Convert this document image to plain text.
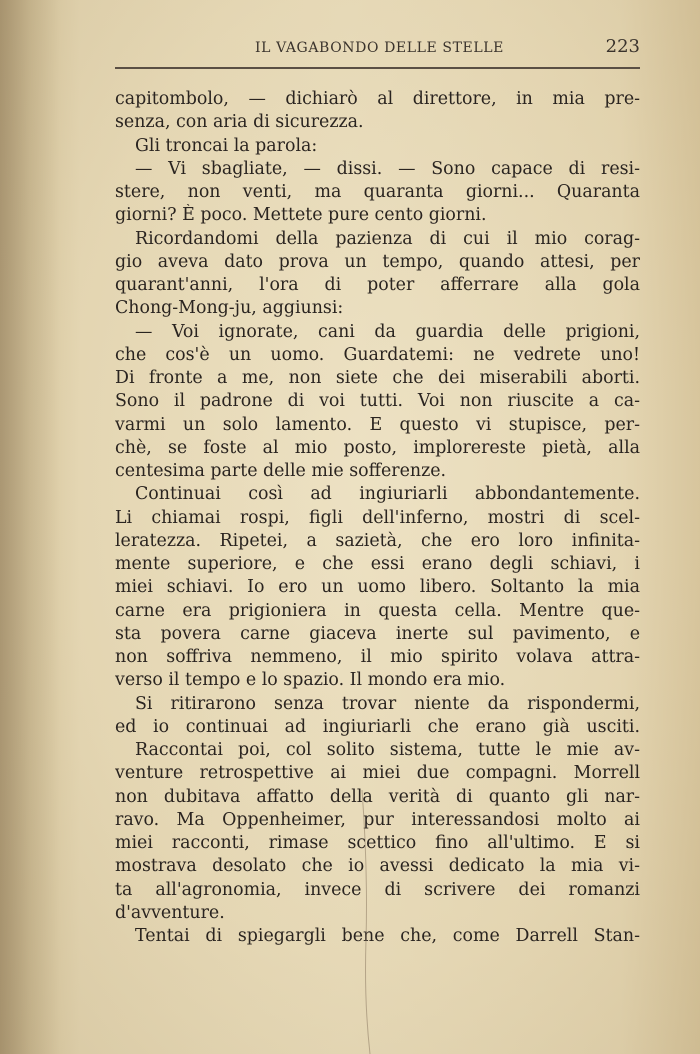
IL VAGABONDO DELLE STELLE	223
capitombolo, — dichiarò al direttore, in mia pre-
senza, con aria di sicurezza.
Gli troncai la parola:
— Vi sbagliate, — dissi. — Sono capace di resi-
stere, non venti, ma quaranta giorni... Quaranta
giorni? È poco. Mettete pure cento giorni.
Ricordandomi della pazienza di cui il mio corag-
gio aveva dato prova un tempo, quando attesi, per
quarant'anni, l'ora di poter afferrare alla gola
Chong-Mong-ju, aggiunsi:
— Voi ignorate, cani da guardia delle prigioni,
che cos'è un uomo. Guardatemi: ne vedrete uno!
Di fronte a me, non siete che dei miserabili aborti.
Sono il padrone di voi tutti. Voi non riuscite a ca-
varmi un solo lamento. E questo vi stupisce, per-
chè, se foste al mio posto, implorereste pietà, alla
centesima parte delle mie sofferenze.
Continuai così ad ingiuriarli abbondantemente.
Li chiamai rospi, figli dell'inferno, mostri di scel-
leratezza. Ripetei, a sazietà, che ero loro infinita-
mente superiore, e che essi erano degli schiavi, i
miei schiavi. Io ero un uomo libero. Soltanto la mia
carne era prigioniera in questa cella. Mentre que-
sta povera carne giaceva inerte sul pavimento, e
non soffriva nemmeno, il mio spirito volava attra-
verso il tempo e lo spazio. Il mondo era mio.
Si ritirarono senza trovar niente da rispondermi,
ed io continuai ad ingiuriarli che erano già usciti.
Raccontai poi, col solito sistema, tutte le mie av-
venture retrospettive ai miei due compagni. Morrell
non dubitava affatto della verità di quanto gli nar-
ravo. Ma Oppenheimer, pur interessandosi molto ai
miei racconti, rimase scettico fino all'ultimo. E si
mostrava desolato che io avessi dedicato la mia vi-
ta all'agronomia, invece di scrivere dei romanzi
d'avventure.
Tentai di spiegargli bene che, come Darrell Stan-
